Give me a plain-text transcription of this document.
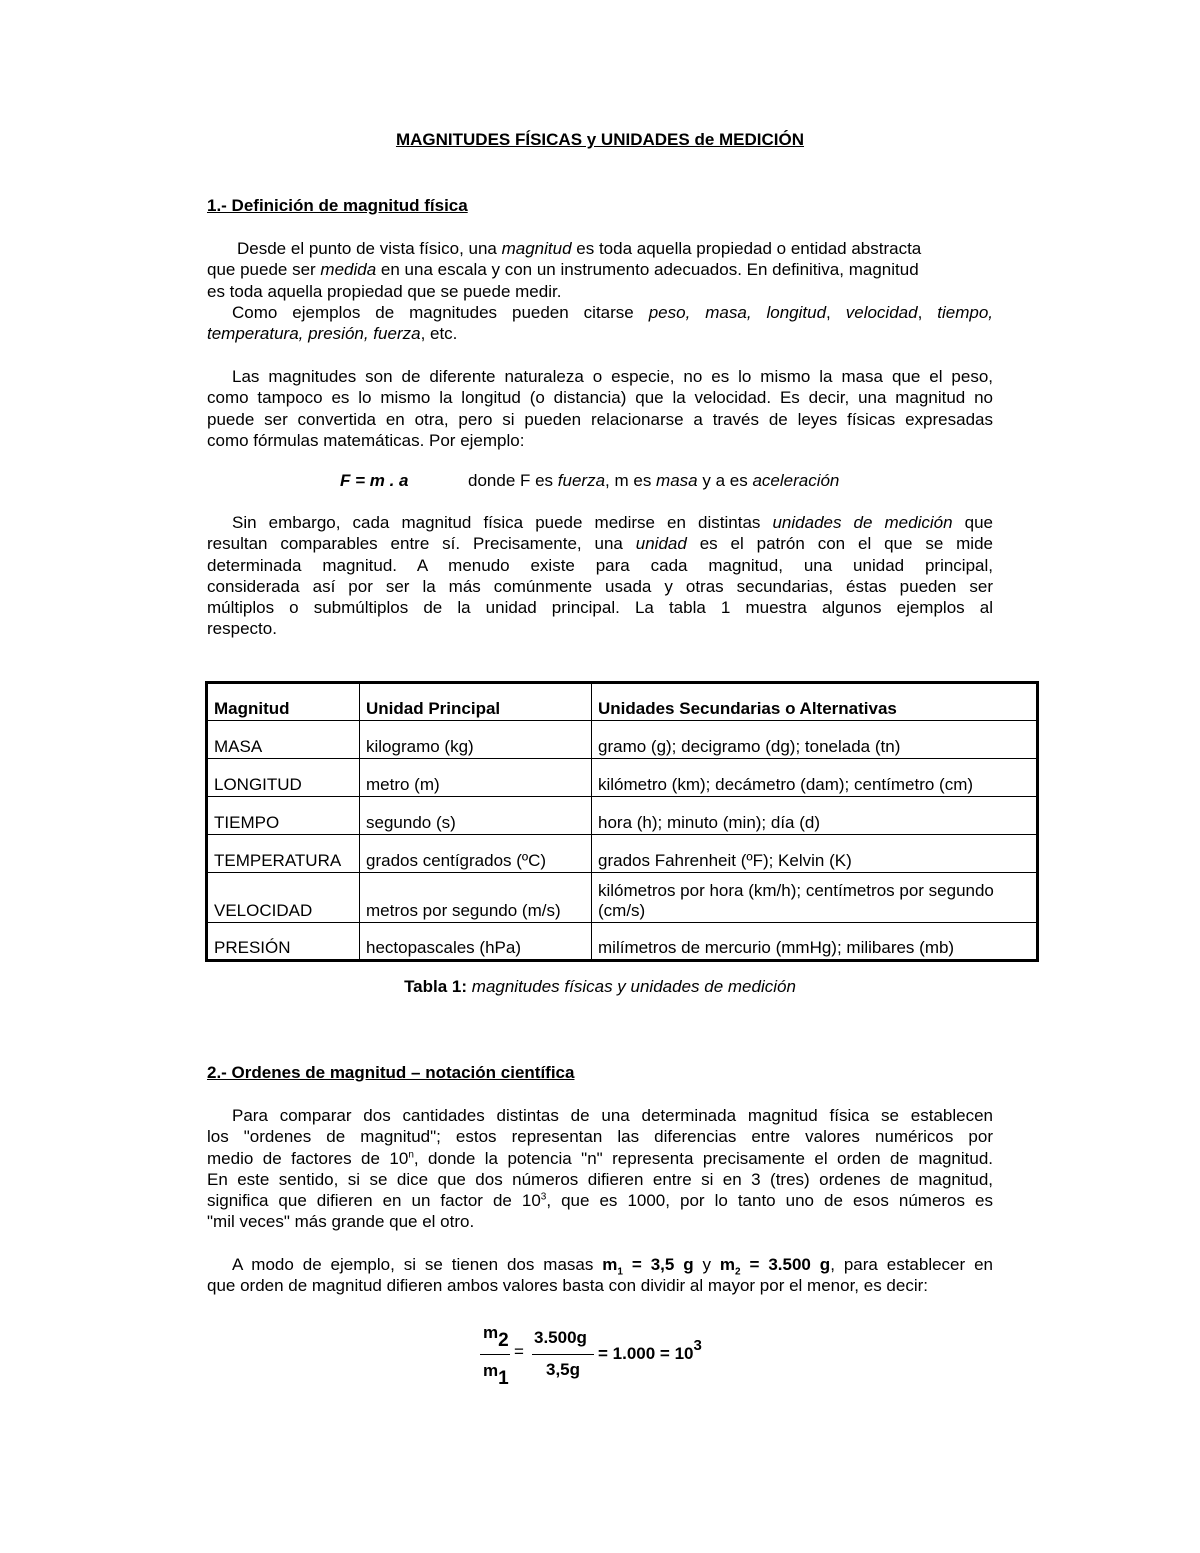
MAGNITUDES FÍSICAS y UNIDADES de MEDICIÓN
1.- Definición de magnitud física
Desde el punto de vista físico, una magnitud es toda aquella propiedad o entidad abstracta
que puede ser medida en una escala y con un instrumento adecuados. En definitiva, magnitud
es toda aquella propiedad que se puede medir.
Como ejemplos de magnitudes pueden citarse peso, masa, longitud, velocidad, tiempo,
temperatura, presión, fuerza, etc.
Las magnitudes son de diferente naturaleza o especie, no es lo mismo la masa que el peso,
como tampoco es lo mismo la longitud (o distancia) que la velocidad. Es decir, una magnitud no
puede ser convertida en otra, pero si pueden relacionarse a través de leyes físicas expresadas
como fórmulas matemáticas. Por ejemplo:
F = m . a	donde F es fuerza, m es masa y a es aceleración
Sin embargo, cada magnitud física puede medirse en distintas unidades de medición que
resultan comparables entre sí. Precisamente, una unidad es el patrón con el que se mide
determinada magnitud. A menudo existe para cada magnitud, una unidad principal,
considerada así por ser la más comúnmente usada y otras secundarias, éstas pueden ser
múltiplos o submúltiplos de la unidad principal. La tabla 1 muestra algunos ejemplos al
respecto.
Magnitud	Unidad Principal	Unidades Secundarias o Alternativas
MASA	kilogramo (kg)	gramo (g); decigramo (dg); tonelada (tn)
LONGITUD	metro (m)	kilómetro (km); decámetro (dam); centímetro (cm)
TIEMPO	segundo (s)	hora (h); minuto (min); día (d)
TEMPERATURA	grados centígrados (ºC)	grados Fahrenheit (ºF); Kelvin (K)
VELOCIDAD	metros por segundo (m/s)	kilómetros por hora (km/h); centímetros por segundo (cm/s)
PRESIÓN	hectopascales (hPa)	milímetros de mercurio (mmHg); milibares (mb)
Tabla 1: magnitudes físicas y unidades de medición
2.- Ordenes de magnitud – notación científica
Para comparar dos cantidades distintas de una determinada magnitud física se establecen
los "ordenes de magnitud"; estos representan las diferencias entre valores numéricos por
medio de factores de 10$^n$, donde la potencia "n" representa precisamente el orden de magnitud.
En este sentido, si se dice que dos números difieren entre si en 3 (tres) ordenes de magnitud,
significa que difieren en un factor de $10^3$, que es 1000, por lo tanto uno de esos números es
"mil veces" más grande que el otro.
A modo de ejemplo, si se tienen dos masas $m_1 = 3,5$ g y $m_2 = 3.500$ g, para establecer en
que orden de magnitud difieren ambos valores basta con dividir al mayor por el menor, es decir:
m2
m1
=
3.500g
3,5g
= 1.000 = 103
